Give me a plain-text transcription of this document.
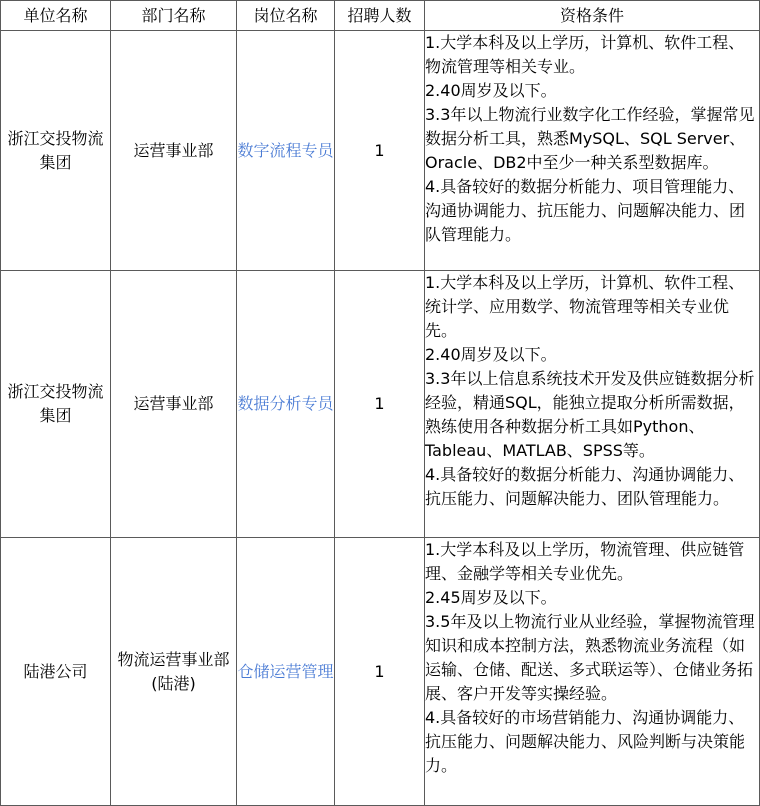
单位名称	部门名称	岗位名称	招聘人数	资格条件
浙江交投物流集团	运营事业部	数字流程专员	1	1.大学本科及以上学历，计算机、软件工程、物流管理等相关专业。
2.40周岁及以下。
3.3年以上物流行业数字化工作经验，掌握常见数据分析工具，熟悉MySQL、SQL Server、Oracle、DB2中至少一种关系型数据库。
4.具备较好的数据分析能力、项目管理能力、沟通协调能力、抗压能力、问题解决能力、团队管理能力。

浙江交投物流集团	运营事业部	数据分析专员	1	1.大学本科及以上学历，计算机、软件工程、统计学、应用数学、物流管理等相关专业优先。
2.40周岁及以下。
3.3年以上信息系统技术开发及供应链数据分析经验，精通SQL，能独立提取分析所需数据，熟练使用各种数据分析工具如Python、Tableau、MATLAB、SPSS等。
4.具备较好的数据分析能力、沟通协调能力、抗压能力、问题解决能力、团队管理能力。

陆港公司	物流运营事业部(陆港)	仓储运营管理	1	1.大学本科及以上学历，物流管理、供应链管理、金融学等相关专业优先。
2.45周岁及以下。
3.5年及以上物流行业从业经验，掌握物流管理知识和成本控制方法，熟悉物流业务流程（如运输、仓储、配送、多式联运等）、仓储业务拓展、客户开发等实操经验。
4.具备较好的市场营销能力、沟通协调能力、抗压能力、问题解决能力、风险判断与决策能力。
